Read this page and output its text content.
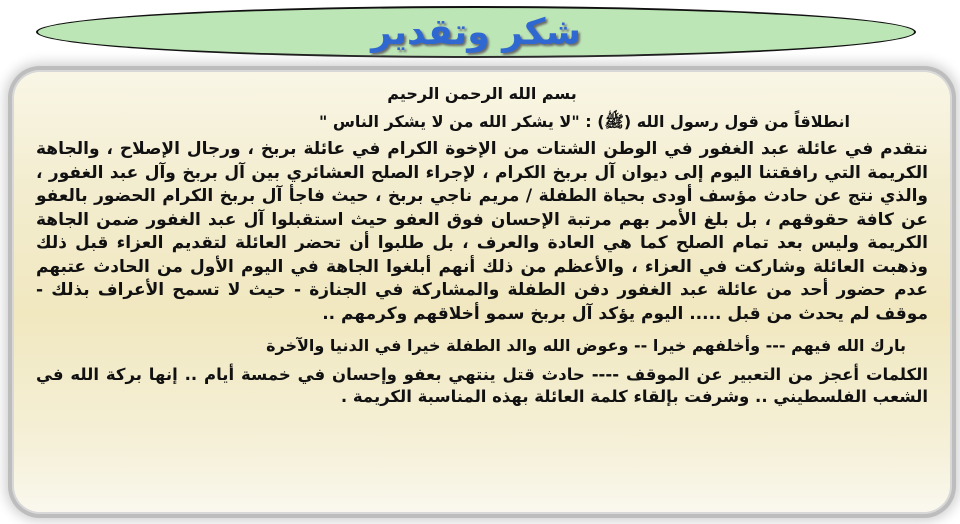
شكر وتقدير

بسم الله الرحمن الرحيم

انطلاقاً من قول رسول الله (ﷺ) : "لا يشكر الله من لا يشكر الناس "

نتقدم في عائلة عبد الغفور في الوطن الشتات من الإخوة الكرام في عائلة بربخ ، ورجال الإصلاح ، والجاهة الكريمة التي رافقتنا اليوم إلى ديوان آل بربخ الكرام ، لإجراء الصلح العشائري بين آل بربخ وآل عبد الغفور ، والذي نتج عن حادث مؤسف أودى بحياة الطفلة / مريم ناجي بربخ ، حيث فاجأ آل بربخ الكرام الحضور بالعفو عن كافة حقوقهم ، بل بلغ الأمر بهم مرتبة الإحسان فوق العفو حيث استقبلوا آل عبد الغفور ضمن الجاهة الكريمة وليس بعد تمام الصلح كما هي العادة والعرف ، بل طلبوا أن تحضر العائلة لتقديم العزاء قبل ذلك وذهبت العائلة وشاركت في العزاء ، والأعظم من ذلك أنهم أبلغوا الجاهة في اليوم الأول من الحادث عتبهم عدم حضور أحد من عائلة عبد الغفور دفن الطفلة والمشاركة في الجنازة - حيث لا تسمح الأعراف بذلك - موقف لم يحدث من قبل ..... اليوم يؤكد آل بربخ سمو أخلاقهم وكرمهم ..

بارك الله فيهم --- وأخلفهم خيرا -- وعوض الله والد الطفلة خيرا في الدنيا والآخرة

الكلمات أعجز من التعبير عن الموقف ---- حادث قتل ينتهي بعفو وإحسان في خمسة أيام .. إنها بركة الله في الشعب الفلسطيني .. وشرفت بإلقاء كلمة العائلة بهذه المناسبة الكريمة .
